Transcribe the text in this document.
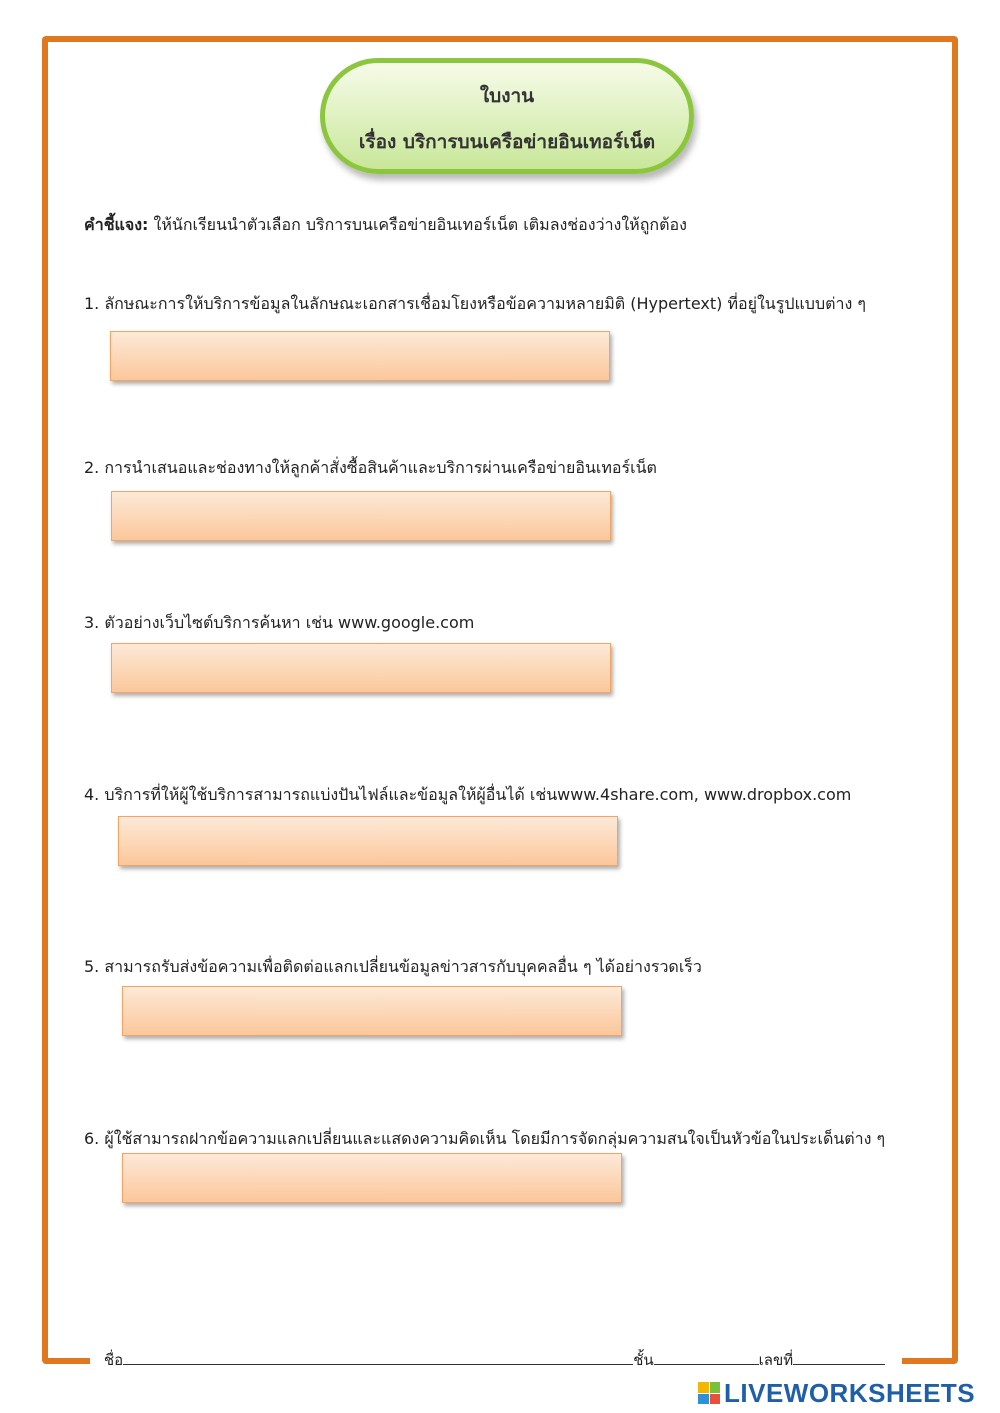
ใบงาน
เรื่อง บริการบนเครือข่ายอินเทอร์เน็ต
คำชี้แจง: ให้นักเรียนนำตัวเลือก บริการบนเครือข่ายอินเทอร์เน็ต เติมลงช่องว่างให้ถูกต้อง
1. ลักษณะการให้บริการข้อมูลในลักษณะเอกสารเชื่อมโยงหรือข้อความหลายมิติ (Hypertext) ที่อยู่ในรูปแบบต่าง ๆ
2. การนำเสนอและช่องทางให้ลูกค้าสั่งซื้อสินค้าและบริการผ่านเครือข่ายอินเทอร์เน็ต
3. ตัวอย่างเว็บไซต์บริการค้นหา เช่น www.google.com
4. บริการที่ให้ผู้ใช้บริการสามารถแบ่งปันไฟล์และข้อมูลให้ผู้อื่นได้ เช่นwww.4share.com, www.dropbox.com
5. สามารถรับส่งข้อความเพื่อติดต่อแลกเปลี่ยนข้อมูลข่าวสารกับบุคคลอื่น ๆ ได้อย่างรวดเร็ว
6. ผู้ใช้สามารถฝากข้อความแลกเปลี่ยนและแสดงความคิดเห็น โดยมีการจัดกลุ่มความสนใจเป็นหัวข้อในประเด็นต่าง ๆ
ชื่อ	ชั้น	เลขที่
LIVEWORKSHEETS
